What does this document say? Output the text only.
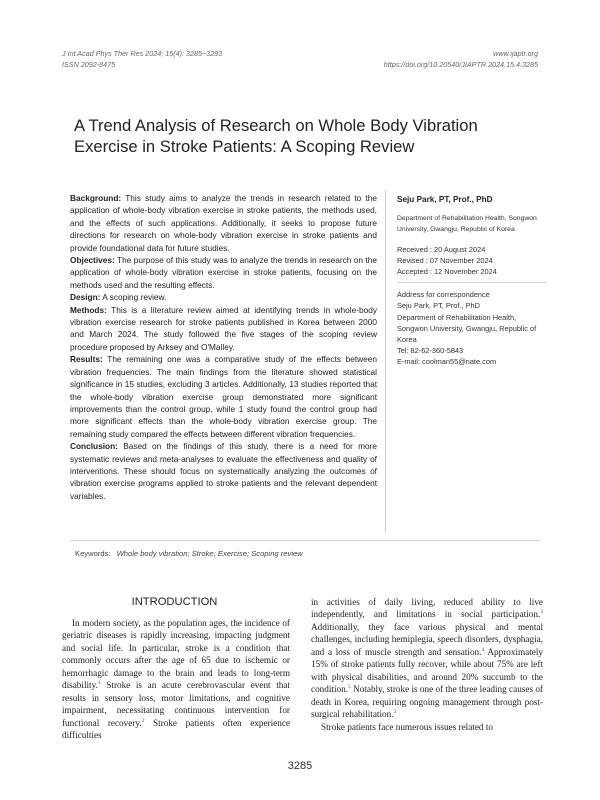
J Int Acad Phys Ther Res 2024; 15(4): 3285~3293
ISSN 2092-8475
www.ijaptr.org
https://doi.org/10.20540/JIAPTR.2024.15.4.3285
A Trend Analysis of Research on Whole Body Vibration Exercise in Stroke Patients: A Scoping Review

Background: This study aims to analyze the trends in research related to the application of whole-body vibration exercise in stroke patients, the methods used, and the effects of such applications. Additionally, it seeks to propose future directions for research on whole-body vibration exercise in stroke patients and provide foundational data for future studies.

Objectives: The purpose of this study was to analyze the trends in research on the application of whole-body vibration exercise in stroke patients, focusing on the methods used and the resulting effects.

Design: A scoping review.

Methods: This is a literature review aimed at identifying trends in whole-body vibration exercise research for stroke patients published in Korea between 2000 and March 2024. The study followed the five stages of the scoping review procedure proposed by Arksey and O'Malley.

Results: The remaining one was a comparative study of the effects between vibration frequencies. The main findings from the literature showed statistical significance in 15 studies, excluding 3 articles. Additionally, 13 studies reported that the whole-body vibration exercise group demonstrated more significant improvements than the control group, while 1 study found the control group had more significant effects than the whole-body vibration exercise group. The remaining study compared the effects between different vibration frequencies.

Conclusion: Based on the findings of this study, there is a need for more systematic reviews and meta-analyses to evaluate the effectiveness and quality of interventions. These should focus on systematically analyzing the outcomes of vibration exercise programs applied to stroke patients and the relevant dependent variables.

Seju Park, PT, Prof., PhD
Department of Rehabilitation Health, Songwon University, Gwangju, Republic of Korea
Received : 20 August 2024
Revised : 07 November 2024
Accepted : 12 November 2024
Address for correspondence
Seju Park, PT, Prof., PhD
Department of Rehabilitation Health, Songwon University, Gwangju, Republic of Korea
Tel: 82-62-360-5843
E-mail: coolman55@nate.com
Keywords: Whole body vibration; Stroke; Exercise; Scoping review
INTRODUCTION

In modern society, as the population ages, the incidence of geriatric diseases is rapidly increasing, impacting judgment and social life. In particular, stroke is a condition that commonly occurs after the age of 65 due to ischemic or hemorrhagic damage to the brain and leads to long-term disability.$^1$ Stroke is an acute cerebrovascular event that results in sensory loss, motor limitations, and cognitive impairment, necessitating continuous intervention for functional recovery.$^2$ Stroke patients often experience difficulties

in activities of daily living, reduced ability to live independently, and limitations in social participation.$^3$ Additionally, they face various physical and mental challenges, including hemiplegia, speech disorders, dysphagia, and a loss of muscle strength and sensation.$^4$ Approximately 15% of stroke patients fully recover, while about 75% are left with physical disabilities, and around 20% succumb to the condition.$^5$ Notably, stroke is one of the three leading causes of death in Korea, requiring ongoing management through post-surgical rehabilitation.$^3$

Stroke patients face numerous issues related to

3285
